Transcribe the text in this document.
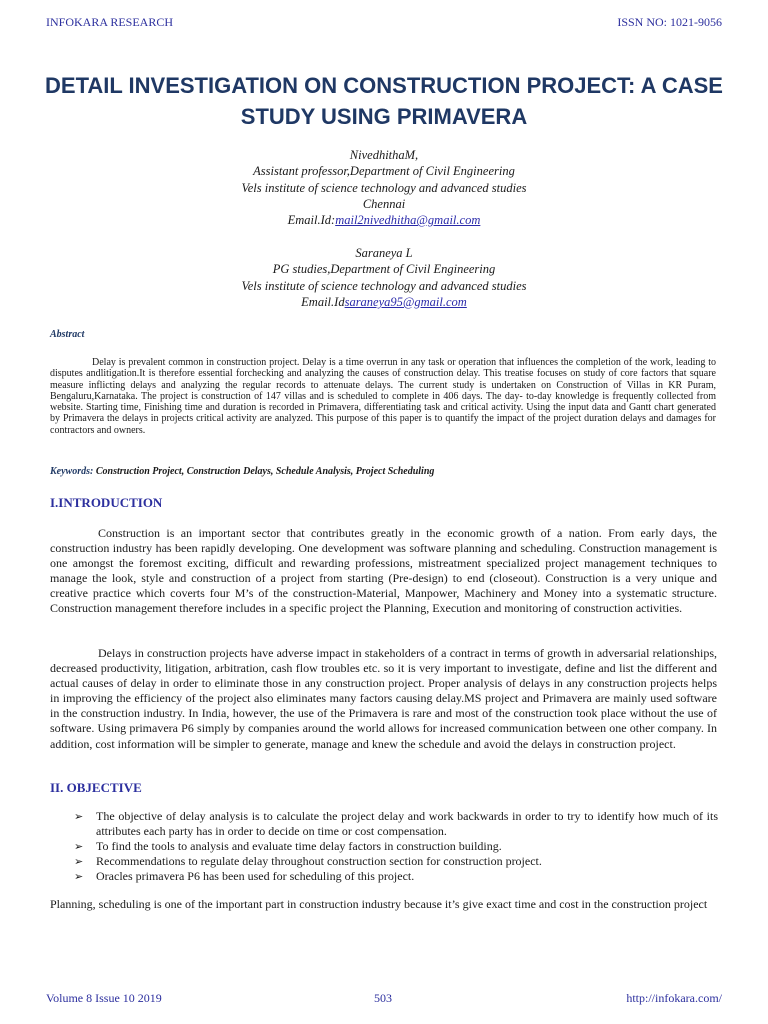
INFOKARA RESEARCH	ISSN NO: 1021-9056
DETAIL INVESTIGATION ON CONSTRUCTION PROJECT: A CASE STUDY USING PRIMAVERA
NivedhithaM,
Assistant professor,Department of Civil Engineering
Vels institute of science technology and advanced studies
Chennai
Email.Id:mail2nivedhitha@gmail.com
Saraneya L
PG studies,Department of Civil Engineering
Vels institute of science technology and advanced studies
Email.Idsaraneya95@gmail.com
Abstract
Delay is prevalent common in construction project. Delay is a time overrun in any task or operation that influences the completion of the work, leading to disputes andlitigation.It is therefore essential forchecking and analyzing the causes of construction delay. This treatise focuses on study of core factors that square measure inflicting delays and analyzing the regular records to attenuate delays. The current study is undertaken on Construction of Villas in KR Puram, Bengaluru,Karnataka. The project is construction of 147 villas and is scheduled to complete in 406 days. The day- to-day knowledge is frequently collected from website. Starting time, Finishing time and duration is recorded in Primavera, differentiating task and critical activity. Using the input data and Gantt chart generated by Primavera the delays in projects critical activity are analyzed. This purpose of this paper is to quantify the impact of the project duration delays and damages for contractors and owners.
Keywords: Construction Project, Construction Delays, Schedule Analysis, Project Scheduling
I.INTRODUCTION
Construction is an important sector that contributes greatly in the economic growth of a nation. From early days, the construction industry has been rapidly developing. One development was software planning and scheduling. Construction management is one amongst the foremost exciting, difficult and rewarding professions, mistreatment specialized project management techniques to manage the look, style and construction of a project from starting (Pre-design) to end (closeout). Construction is a very unique and creative practice which coverts four M’s of the construction-Material, Manpower, Machinery and Money into a systematic structure. Construction management therefore includes in a specific project the Planning, Execution and monitoring of construction activities.
Delays in construction projects have adverse impact in stakeholders of a contract in terms of growth in adversarial relationships, decreased productivity, litigation, arbitration, cash flow troubles etc. so it is very important to investigate, define and list the different and actual causes of delay in order to eliminate those in any construction project. Proper analysis of delays in any construction projects helps in improving the efficiency of the project also eliminates many factors causing delay.MS project and Primavera are mainly used software in the construction industry. In India, however, the use of the Primavera is rare and most of the construction took place without the use of software. Using primavera P6 simply by companies around the world allows for increased communication between one other company. In addition, cost information will be simpler to generate, manage and knew the schedule and avoid the delays in construction project.
II. OBJECTIVE
➢ The objective of delay analysis is to calculate the project delay and work backwards in order to try to identify how much of its attributes each party has in order to decide on time or cost compensation.
➢ To find the tools to analysis and evaluate time delay factors in construction building.
➢ Recommendations to regulate delay throughout construction section for construction project.
➢ Oracles primavera P6 has been used for scheduling of this project.
Planning, scheduling is one of the important part in construction industry because it’s give exact time and cost in the construction project
Volume 8 Issue 10 2019	503	http://infokara.com/
